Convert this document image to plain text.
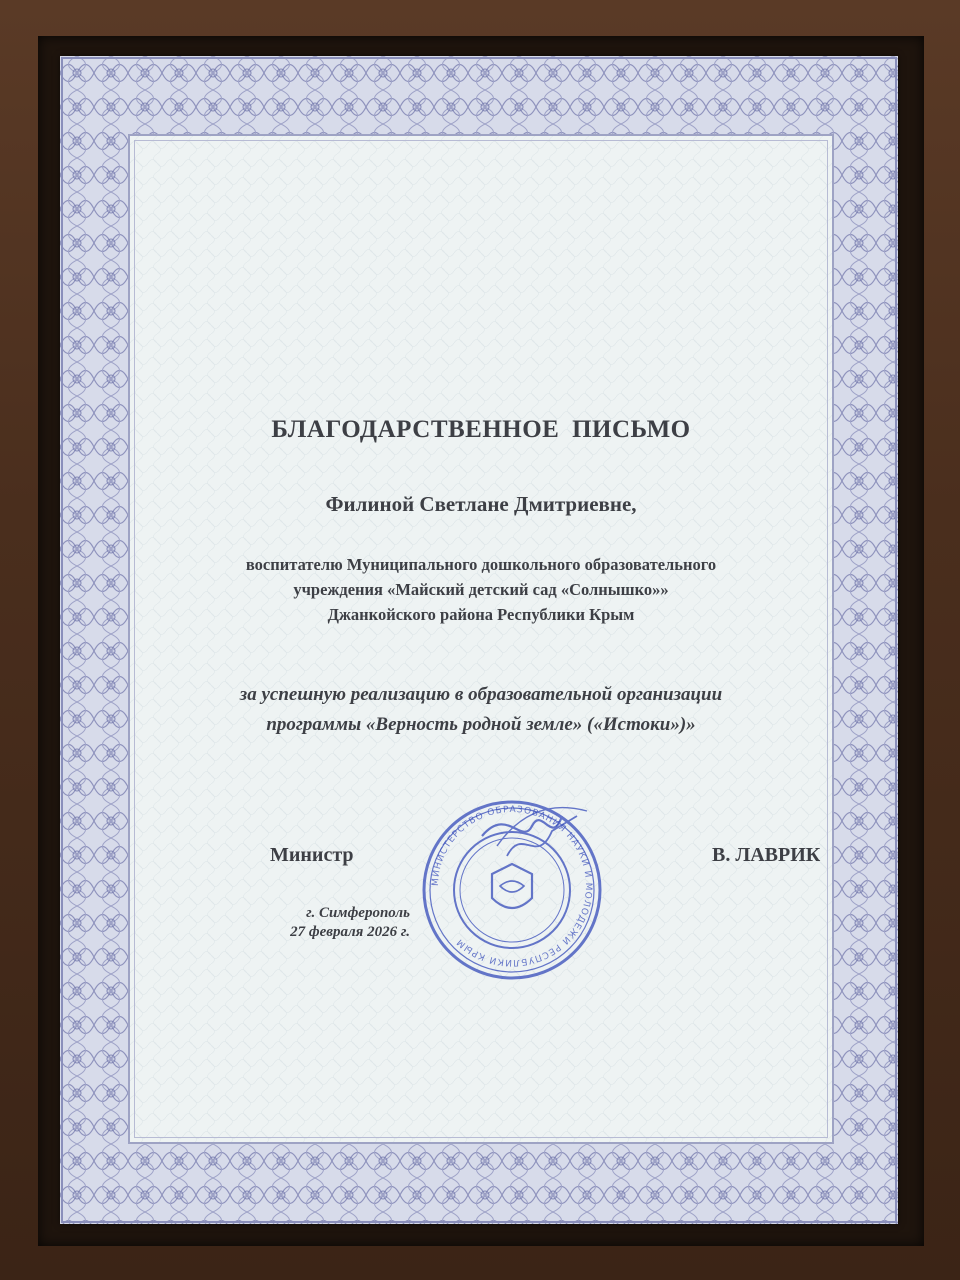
БЛАГОДАРСТВЕННОЕ ПИСЬМО
Филиной Светлане Дмитриевне,
воспитателю Муниципального дошкольного образовательного
учреждения «Майский детский сад «Солнышко»»
Джанкойского района Республики Крым
за успешную реализацию в образовательной организации
программы «Верность родной земле» («Истоки»)»
Министр	В. ЛАВРИК
г. Симферополь
27 февраля 2026 г.
МИНИСТЕРСТВО ОБРАЗОВАНИЯ НАУКИ И МОЛОДЕЖИ РЕСПУБЛИКИ КРЫМ
